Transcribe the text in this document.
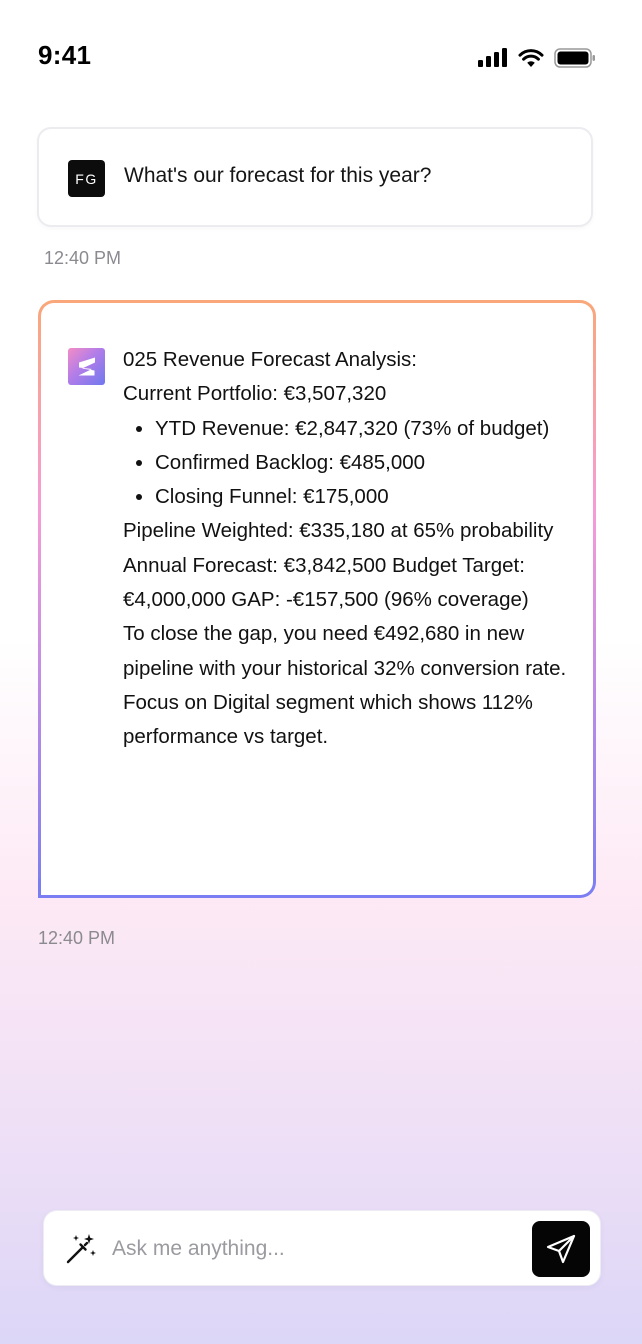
9:41
FG	What's our forecast for this year?
12:40 PM

025 Revenue Forecast Analysis:

Current Portfolio: €3,507,320

• YTD Revenue: €2,847,320 (73% of budget)
• Confirmed Backlog: €485,000
• Closing Funnel: €175,000

Pipeline Weighted: €335,180 at 65% probability

Annual Forecast: €3,842,500 Budget Target: €4,000,000 GAP: -€157,500 (96% coverage)

To close the gap, you need €492,680 in new pipeline with your historical 32% conversion rate. Focus on Digital segment which shows 112% performance vs target.

12:40 PM
Ask me anything...
